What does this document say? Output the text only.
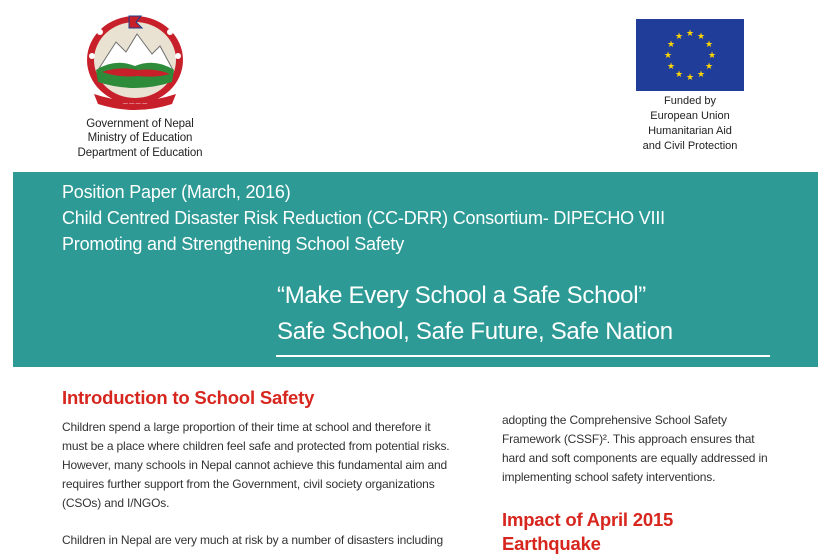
— — — —
Government of Nepal
Ministry of Education
Department of Education
★ ★
★
★
★
★
★
★
★
★
★
★
Funded by
European Union
Humanitarian Aid
and Civil Protection
Position Paper (March, 2016)
Child Centred Disaster Risk Reduction (CC-DRR) Consortium- DIPECHO VIII
Promoting and Strengthening School Safety
“Make Every School a Safe School”
Safe School, Safe Future, Safe Nation
Introduction to School Safety
Children spend a large proportion of their time at school and therefore it
must be a place where children feel safe and protected from potential risks.
However, many schools in Nepal cannot achieve this fundamental aim and
requires further support from the Government, civil society organizations
(CSOs) and I/NGOs.
Children in Nepal are very much at risk by a number of disasters including
adopting the Comprehensive School Safety
Framework (CSSF)². This approach ensures that
hard and soft components are equally addressed in
implementing school safety interventions.
Impact of April 2015
Earthquake
